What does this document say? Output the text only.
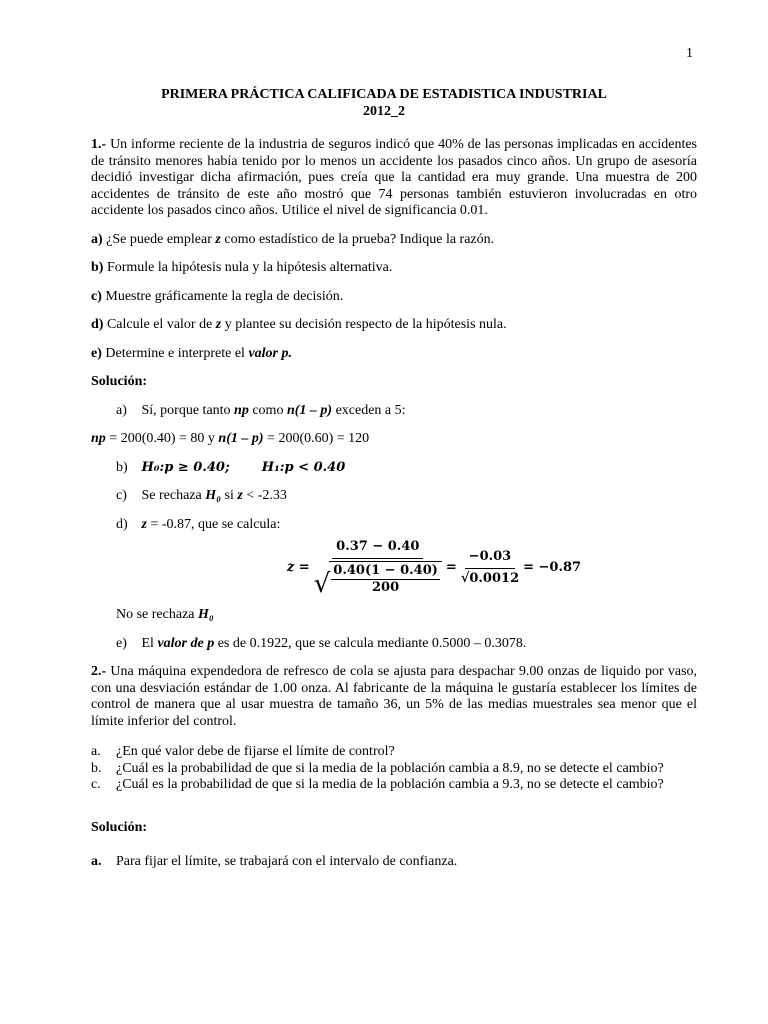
1
PRIMERA PRÁCTICA CALIFICADA DE ESTADISTICA INDUSTRIAL
2012_2

1.- Un informe reciente de la industria de seguros indicó que 40% de las personas implicadas en accidentes de tránsito menores había tenido por lo menos un accidente los pasados cinco años. Un grupo de asesoría decidió investigar dicha afirmación, pues creía que la cantidad era muy grande. Una muestra de 200 accidentes de tránsito de este año mostró que 74 personas también estuvieron involucradas en otro accidente los pasados cinco años. Utilice el nivel de significancia 0.01.

a) ¿Se puede emplear z como estadístico de la prueba? Indique la razón.

b) Formule la hipótesis nula y la hipótesis alternativa.

c) Muestre gráficamente la regla de decisión.

d) Calcule el valor de z y plantee su decisión respecto de la hipótesis nula.

e) Determine e interprete el valor p.

Solución:

a) Sí, porque tanto np como n(1 – p) exceden a 5:

np = 200(0.40) = 80 y n(1 – p) = 200(0.60) = 120

b) H₀:p ≥ 0.40; H₁:p < 0.40

c) Se rechaza H₀ si z < -2.33

d) z = -0.87, que se calcula:

z =
0.37 − 0.40
√ $\frac{0.40(1 - 0.40)}{200} = \frac{-0.03}{√0.0012} = -0.87$

No se rechaza H₀

e) El valor de p es de 0.1922, que se calcula mediante 0.5000 – 0.3078.

2.- Una máquina expendedora de refresco de cola se ajusta para despachar 9.00 onzas de liquido por vaso, con una desviación estándar de 1.00 onza. Al fabricante de la máquina le gustaría establecer los límites de control de manera que al usar muestra de tamaño 36, un 5% de las medias muestrales sea menor que el límite inferior del control.

a.	¿En qué valor debe de fijarse el límite de control?
b.	¿Cuál es la probabilidad de que si la media de la población cambia a 8.9, no se detecte el cambio?
c.	¿Cuál es la probabilidad de que si la media de la población cambia a 9.3, no se detecte el cambio?

Solución:

a. Para fijar el límite, se trabajará con el intervalo de confianza.
